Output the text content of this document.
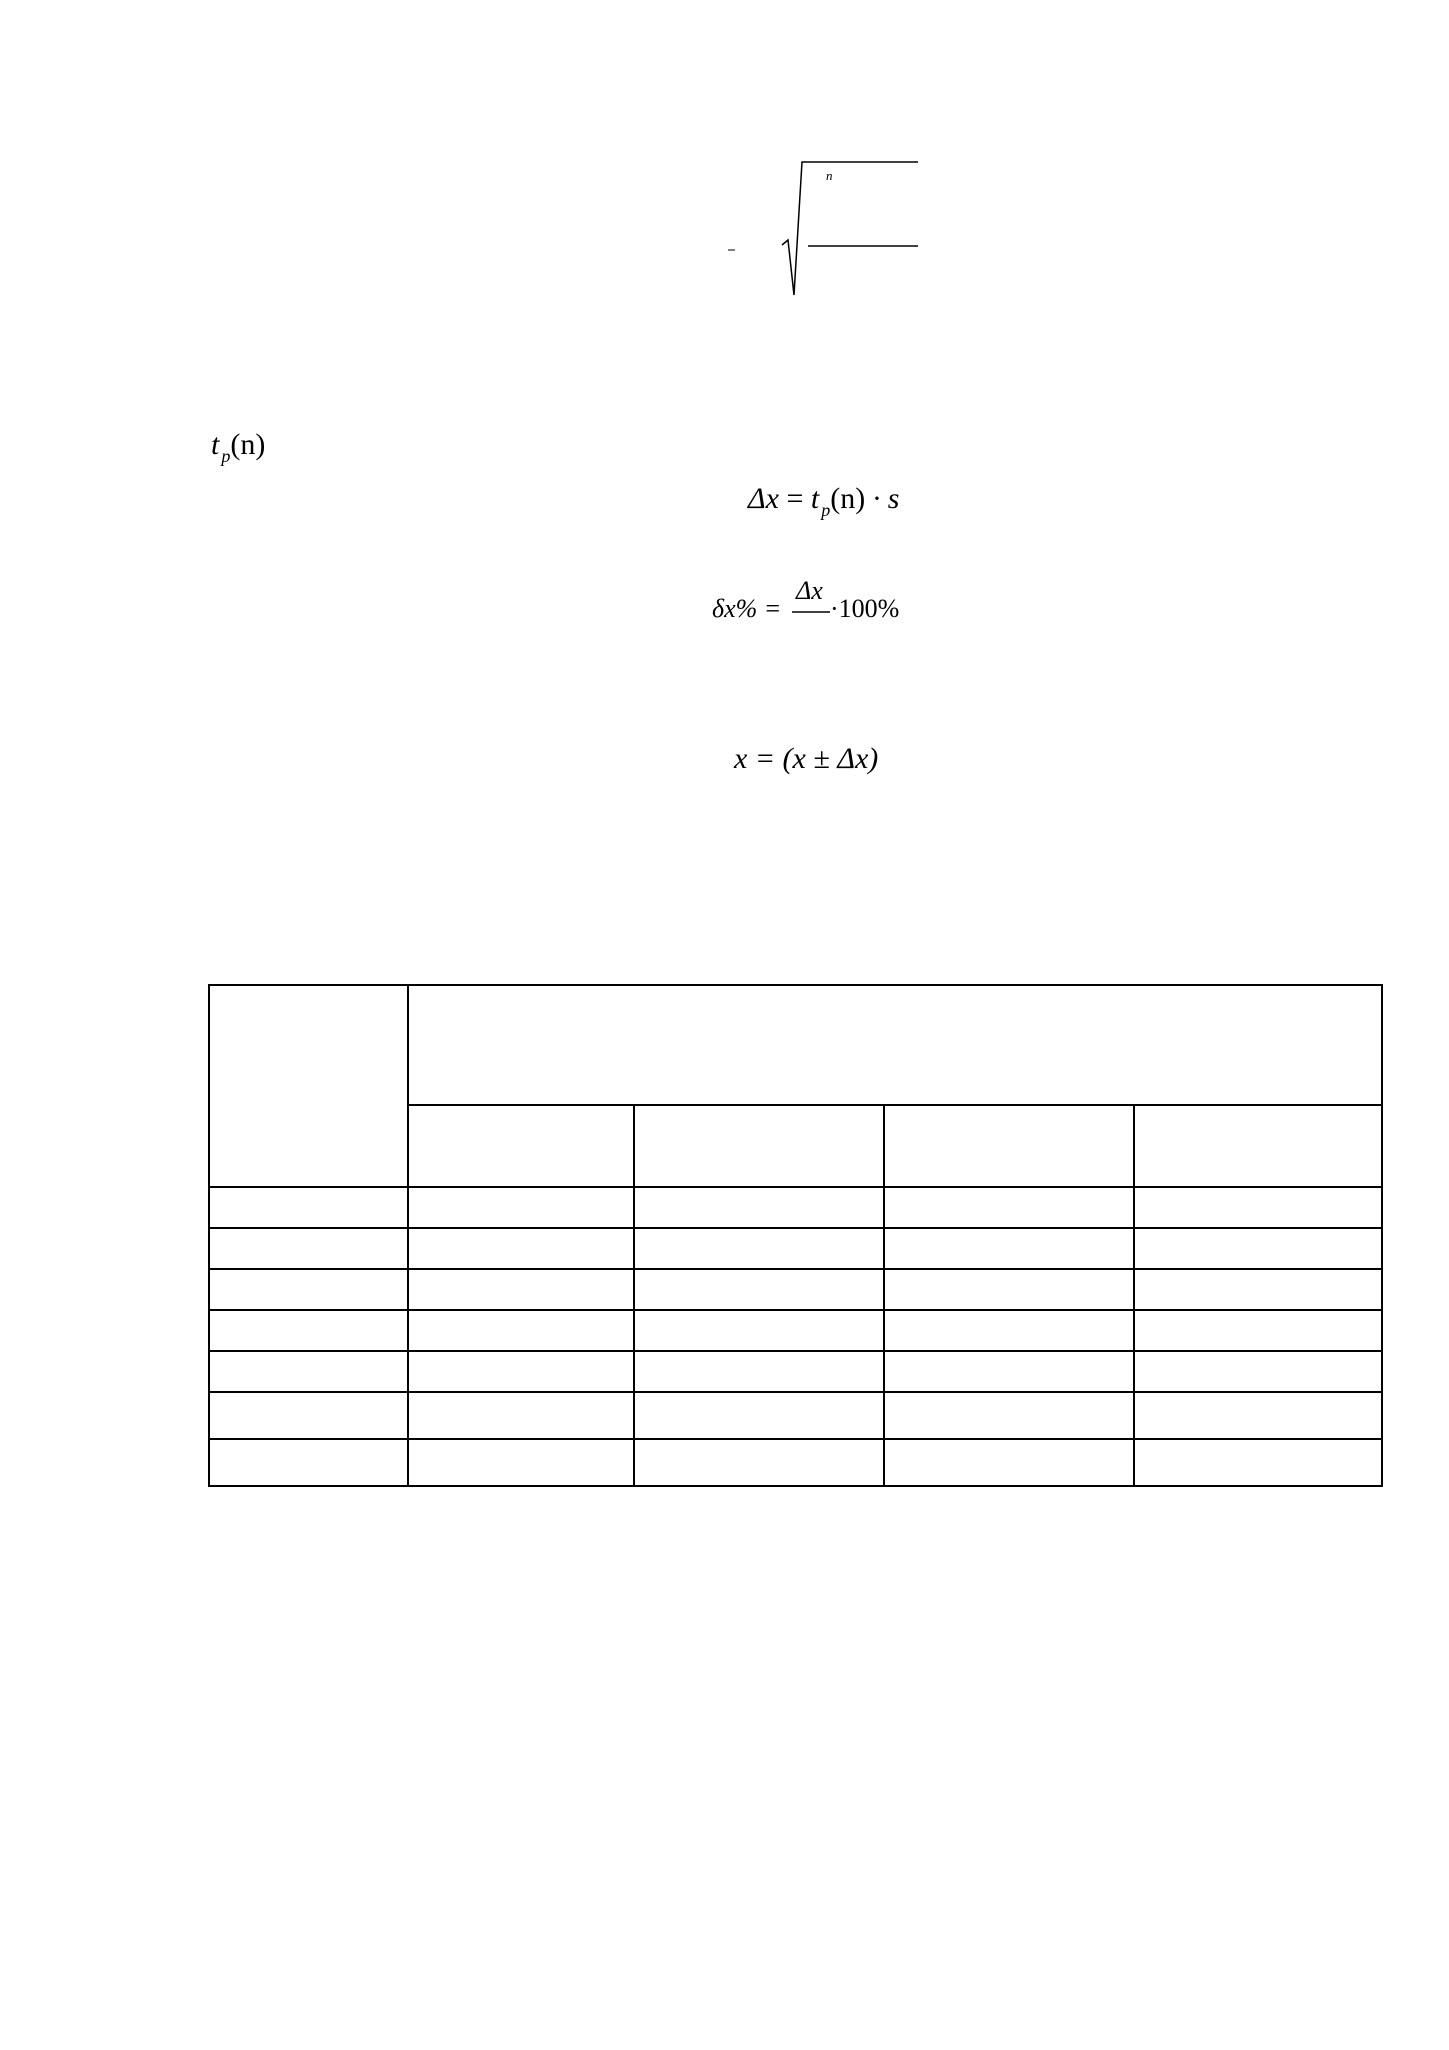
n
t $_p$(n)
Δx = t $_p$(n) · s
δx% =
Δx
·100%
x = (x ± Δx)
